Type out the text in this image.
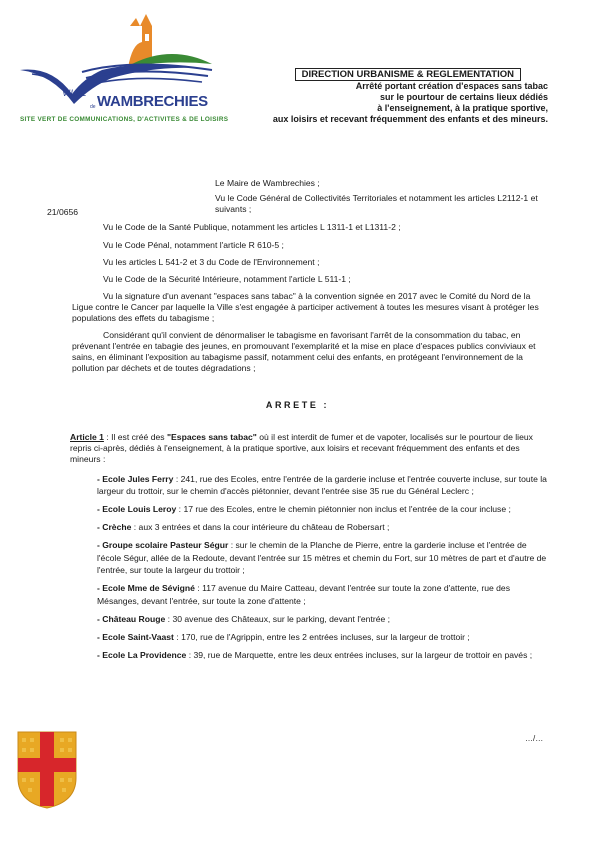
VILLE
de WAMBRECHIES
SITE VERT DE COMMUNICATIONS, D'ACTIVITES & DE LOISIRS
DIRECTION URBANISME & REGLEMENTATION
Arrêté portant création d'espaces sans tabac
sur le pourtour de certains lieux dédiés
à l'enseignement, à la pratique sportive,
aux loisirs et recevant fréquemment des enfants et des mineurs.
21/0656
Le Maire de Wambrechies ;
Vu le Code Général de Collectivités Territoriales et notamment les articles L2112-1 et suivants ;
Vu le Code de la Santé Publique, notamment les articles L 1311-1 et L1311-2 ;
Vu le Code Pénal, notamment l'article R 610-5 ;
Vu les articles L 541-2 et 3 du Code de l'Environnement ;
Vu le Code de la Sécurité Intérieure, notamment l'article L 511-1 ;
Vu la signature d'un avenant "espaces sans tabac" à la convention signée en 2017 avec le Comité du Nord de la Ligue contre le Cancer par laquelle la Ville s'est engagée à participer activement à toutes les mesures visant à protéger les populations des effets du tabagisme ;
Considérant qu'il convient de dénormaliser le tabagisme en favorisant l'arrêt de la consommation du tabac, en prévenant l'entrée en tabagie des jeunes, en promouvant l'exemplarité et la mise en place d'espaces publics conviviaux et sains, en éliminant l'exposition au tabagisme passif, notamment celui des enfants, en protégeant l'environnement de la pollution par déchets et de toutes dégradations ;
ARRETE :
Article 1 : Il est créé des "Espaces sans tabac" où il est interdit de fumer et de vapoter, localisés sur le pourtour de lieux repris ci-après, dédiés à l'enseignement, à la pratique sportive, aux loisirs et recevant fréquemment des enfants et des mineurs :
- Ecole Jules Ferry : 241, rue des Ecoles, entre l'entrée de la garderie incluse et l'entrée couverte incluse, sur toute la largeur du trottoir, sur le chemin d'accès piétonnier, devant l'entrée sise 35 rue du Général Leclerc ;
- Ecole Louis Leroy : 17 rue des Ecoles, entre le chemin piétonnier non inclus et l'entrée de la cour incluse ;
- Crèche : aux 3 entrées et dans la cour intérieure du château de Robersart ;
- Groupe scolaire Pasteur Ségur : sur le chemin de la Planche de Pierre, entre la garderie incluse et l'entrée de l'école Ségur, allée de la Redoute, devant l'entrée sur 15 mètres et chemin du Fort, sur 10 mètres de part et d'autre de l'entrée, sur toute la largeur du trottoir ;
- Ecole Mme de Sévigné : 117 avenue du Maire Catteau, devant l'entrée sur toute la zone d'attente, rue des Mésanges, devant l'entrée, sur toute la zone d'attente ;
- Château Rouge : 30 avenue des Châteaux, sur le parking, devant l'entrée ;
- Ecole Saint-Vaast : 170, rue de l'Agrippin, entre les 2 entrées incluses, sur la largeur de trottoir ;
- Ecole La Providence : 39, rue de Marquette, entre les deux entrées incluses, sur la largeur de trottoir en pavés ;
…/…
